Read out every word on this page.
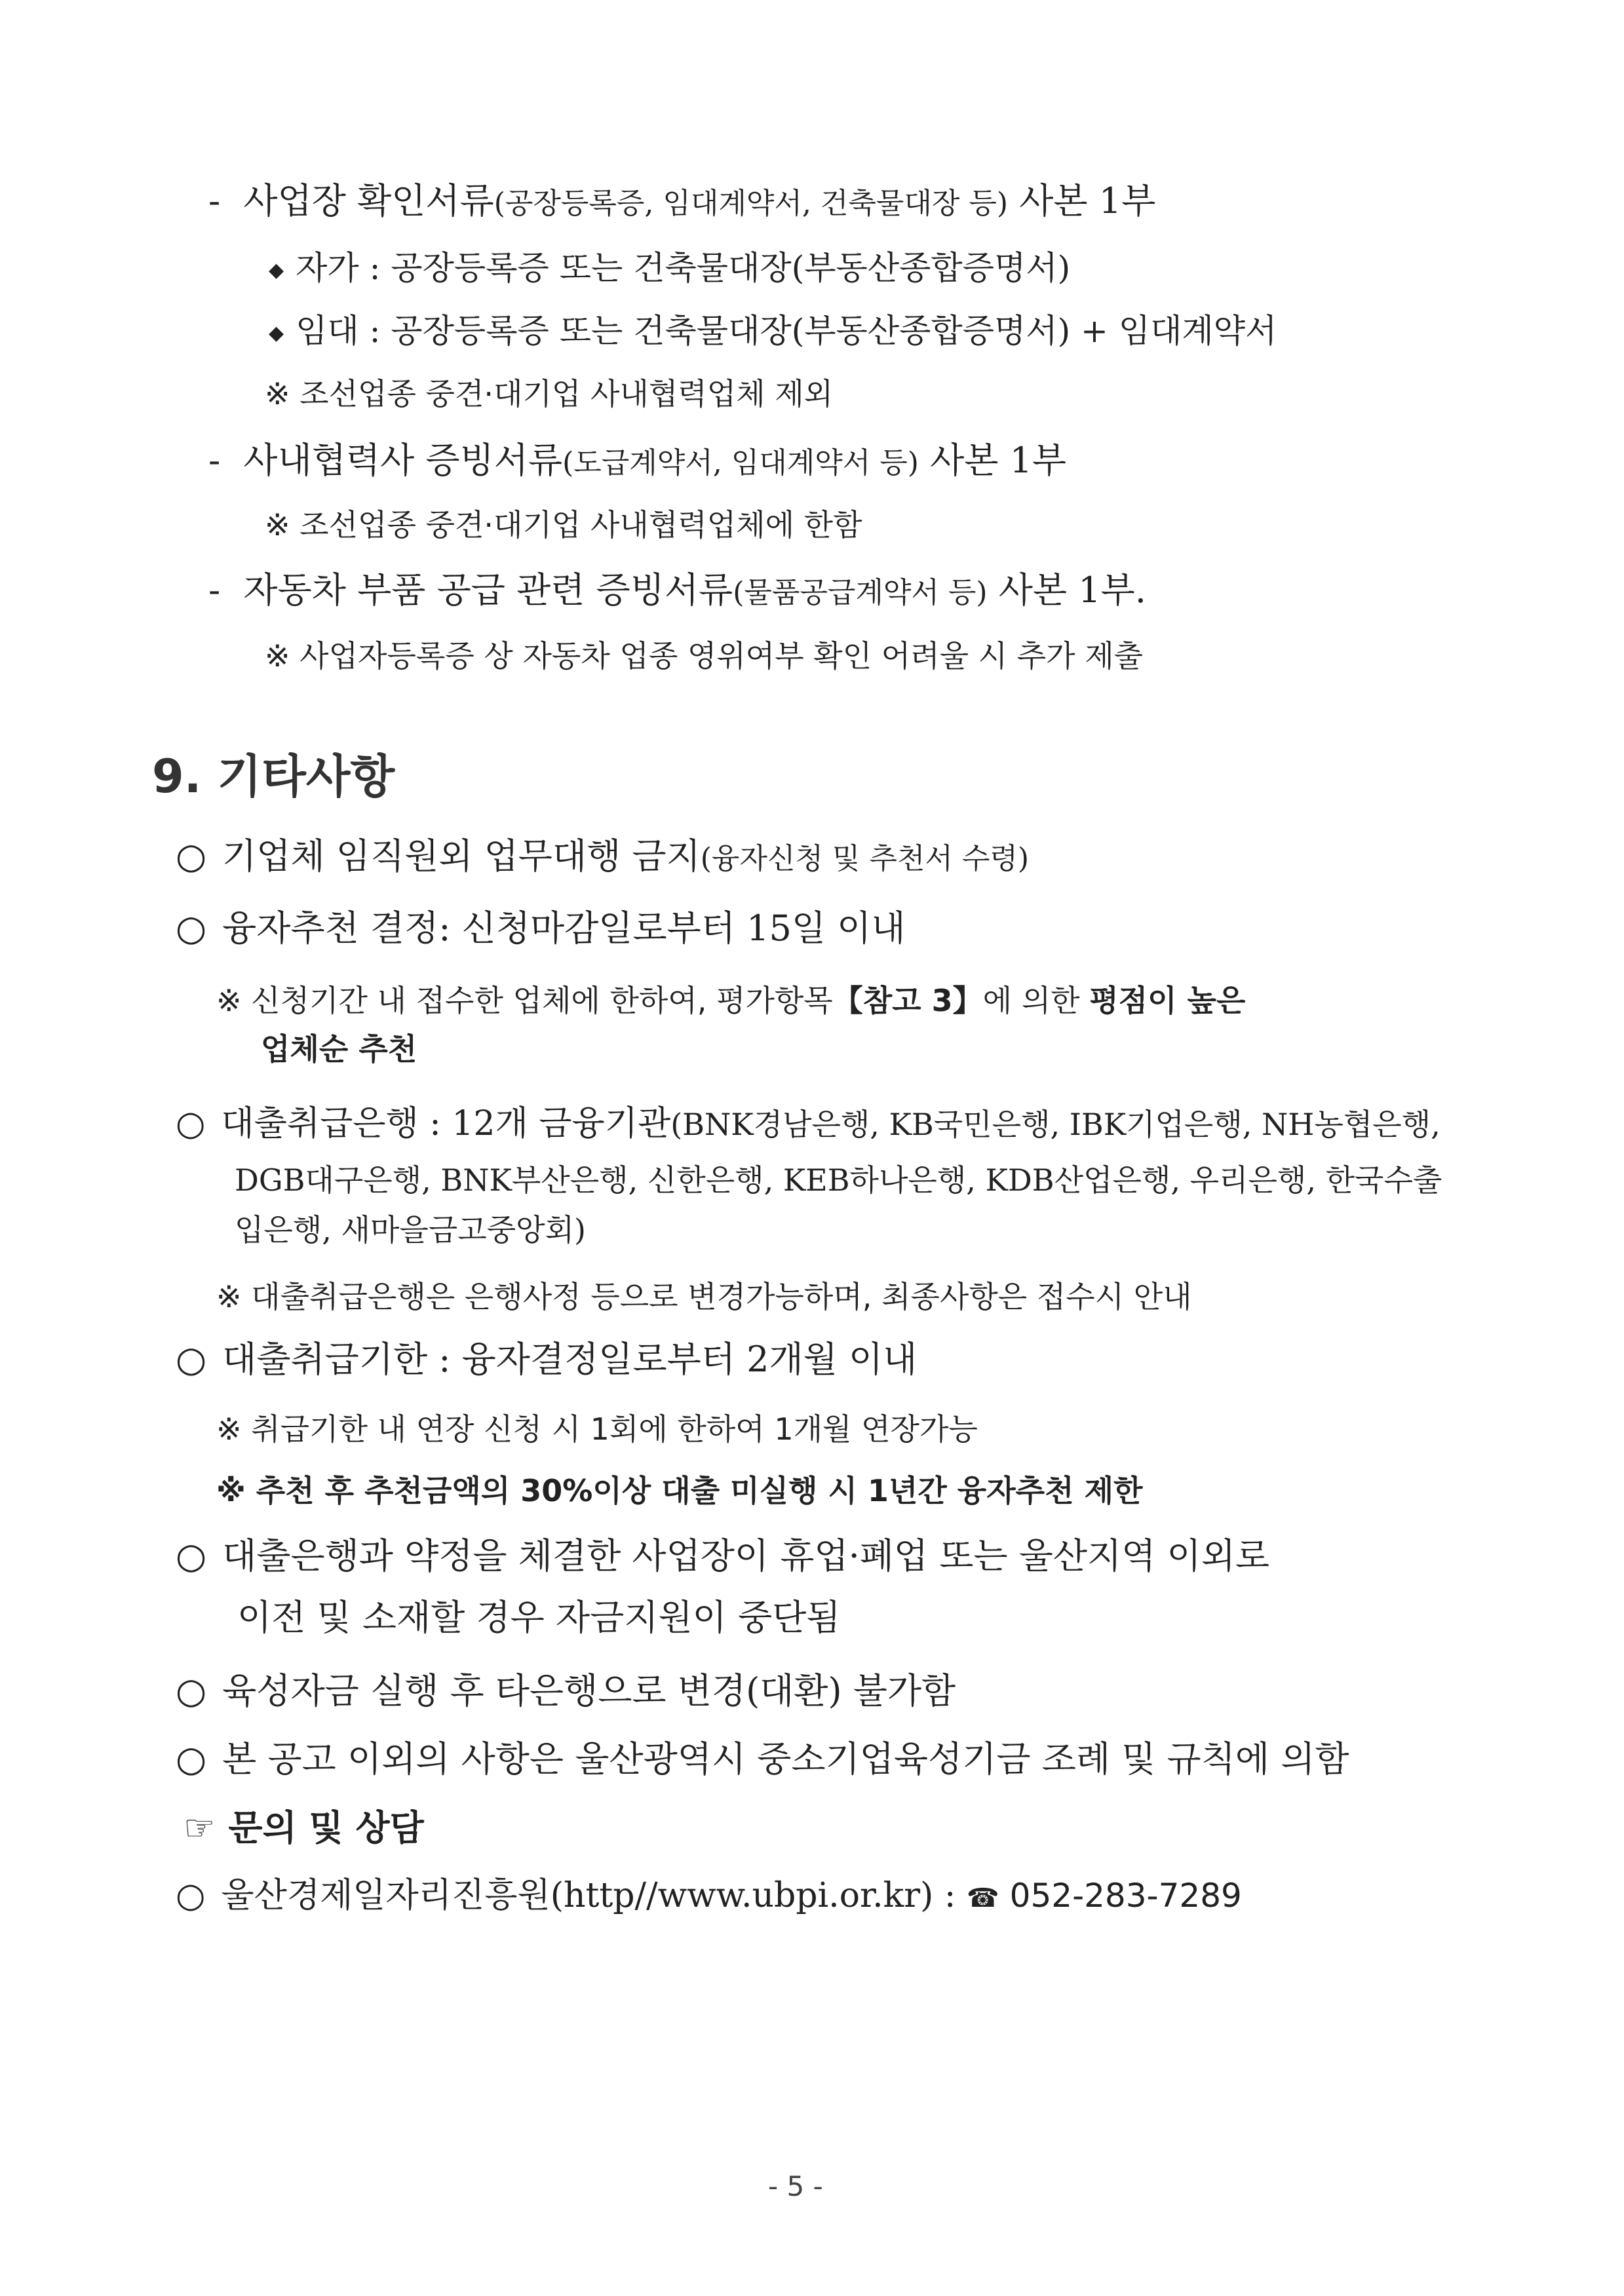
- 사업장 확인서류(공장등록증, 임대계약서, 건축물대장 등) 사본 1부
◆ 자가 : 공장등록증 또는 건축물대장(부동산종합증명서)
◆ 임대 : 공장등록증 또는 건축물대장(부동산종합증명서) + 임대계약서
※ 조선업종 중견·대기업 사내협력업체 제외
- 사내협력사 증빙서류(도급계약서, 임대계약서 등) 사본 1부
※ 조선업종 중견·대기업 사내협력업체에 한함
- 자동차 부품 공급 관련 증빙서류(물품공급계약서 등) 사본 1부.
※ 사업자등록증 상 자동차 업종 영위여부 확인 어려울 시 추가 제출
9. 기타사항
○ 기업체 임직원외 업무대행 금지(융자신청 및 추천서 수령)
○ 융자추천 결정: 신청마감일로부터 15일 이내
※ 신청기간 내 접수한 업체에 한하여, 평가항목【참고 3】에 의한 평점이 높은
업체순 추천
○ 대출취급은행 : 12개 금융기관(BNK경남은행, KB국민은행, IBK기업은행, NH농협은행,
DGB대구은행, BNK부산은행, 신한은행, KEB하나은행, KDB산업은행, 우리은행, 한국수출
입은행, 새마을금고중앙회)
※ 대출취급은행은 은행사정 등으로 변경가능하며, 최종사항은 접수시 안내
○ 대출취급기한 : 융자결정일로부터 2개월 이내
※ 취급기한 내 연장 신청 시 1회에 한하여 1개월 연장가능
※ 추천 후 추천금액의 30%이상 대출 미실행 시 1년간 융자추천 제한
○ 대출은행과 약정을 체결한 사업장이 휴업·폐업 또는 울산지역 이외로
이전 및 소재할 경우 자금지원이 중단됨
○ 육성자금 실행 후 타은행으로 변경(대환) 불가함
○ 본 공고 이외의 사항은 울산광역시 중소기업육성기금 조례 및 규칙에 의함
☞ 문의 및 상담
○ 울산경제일자리진흥원(http//www.ubpi.or.kr) : ☎ 052-283-7289
- 5 -
